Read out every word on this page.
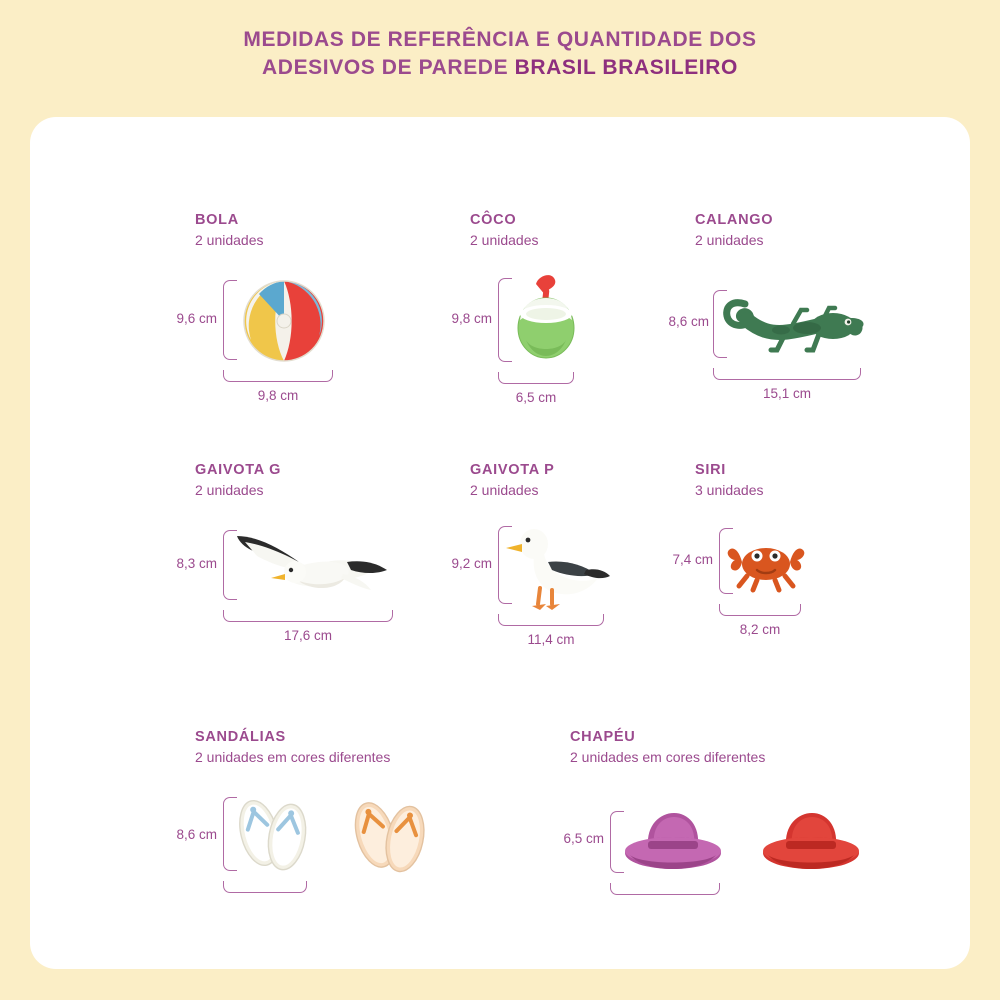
MEDIDAS DE REFERÊNCIA E QUANTIDADE DOS
ADESIVOS DE PAREDE BRASIL BRASILEIRO

BOLA

2 unidades

9,6 cm
9,8 cm

CÔCO

2 unidades

9,8 cm
6,5 cm

CALANGO

2 unidades

8,6 cm
15,1 cm

GAIVOTA G

2 unidades

8,3 cm
17,6 cm

GAIVOTA P

2 unidades

9,2 cm
11,4 cm

SIRI

3 unidades

7,4 cm
8,2 cm

SANDÁLIAS

2 unidades em cores diferentes

8,6 cm

CHAPÉU

2 unidades em cores diferentes

6,5 cm
